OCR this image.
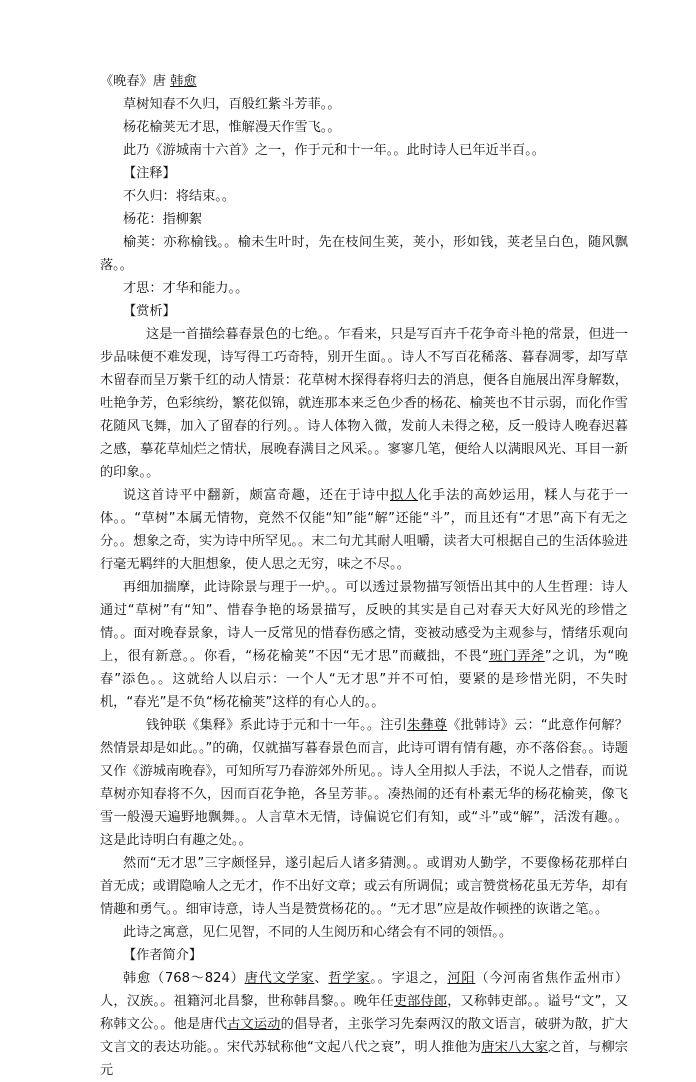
《晚春》唐 韩愈

草树知春不久归，百般红紫斗芳菲。。

杨花榆荚无才思，惟解漫天作雪飞。。

此乃《游城南十六首》之一，作于元和十一年。。此时诗人已年近半百。。

【注释】

不久归：将结束。。

杨花：指柳絮

榆荚：亦称榆钱。。榆未生叶时，先在枝间生荚，荚小，形如钱，荚老呈白色，随风飘落。。

才思：才华和能力。。

【赏析】

这是一首描绘暮春景色的七绝。。乍看来，只是写百卉千花争奇斗艳的常景，但进一步品味便不难发现，诗写得工巧奇特，别开生面。。诗人不写百花稀落、暮春凋零，却写草木留春而呈万紫千红的动人情景：花草树木探得春将归去的消息，便各自施展出浑身解数，吐艳争芳，色彩缤纷，繁花似锦，就连那本来乏色少香的杨花、榆荚也不甘示弱，而化作雪花随风飞舞，加入了留春的行列。。诗人体物入微，发前人未得之秘，反一般诗人晚春迟暮之感，摹花草灿烂之情状，展晚春满目之风采。。寥寥几笔，便给人以满眼风光、耳目一新的印象。。

说这首诗平中翻新，颇富奇趣，还在于诗中拟人化手法的高妙运用，糅人与花于一体。。“草树”本属无情物，竟然不仅能“知”能“解”还能“斗”，而且还有“才思”高下有无之分。。想象之奇，实为诗中所罕见。。末二句尤其耐人咀嚼，读者大可根据自己的生活体验进行毫无羁绊的大胆想象，使人思之无穷，味之不尽。。

再细加揣摩，此诗除景与理于一炉。。可以透过景物描写领悟出其中的人生哲理：诗人通过“草树”有“知”、惜春争艳的场景描写，反映的其实是自己对春天大好风光的珍惜之情。。面对晚春景象，诗人一反常见的惜春伤感之情，变被动感受为主观参与，情绪乐观向上，很有新意。。你看，“杨花榆荚”不因“无才思”而藏拙，不畏“班门弄斧”之讥，为“晚春”添色。。这就给人以启示：一个人“无才思”并不可怕，要紧的是珍惜光阴，不失时机，“春光”是不负“杨花榆荚”这样的有心人的。。

钱钟联《集释》系此诗于元和十一年。。注引朱彝尊《批韩诗》云：“此意作何解？然情景却是如此。。”的确，仅就描写暮春景色而言，此诗可谓有情有趣，亦不落俗套。。诗题又作《游城南晚春》，可知所写乃春游郊外所见。。诗人全用拟人手法，不说人之惜春，而说草树亦知春将不久，因而百花争艳，各呈芳菲。。凑热闹的还有朴素无华的杨花榆荚，像飞雪一般漫天遍野地飘舞。。人言草木无情，诗偏说它们有知，或“斗”或“解”，活泼有趣。。这是此诗明白有趣之处。。

然而“无才思”三字颇怪异，遂引起后人诸多猜测。。或谓劝人勤学，不要像杨花那样白首无成；或谓隐喻人之无才，作不出好文章；或云有所调侃；或言赞赏杨花虽无芳华，却有情趣和勇气。。细审诗意，诗人当是赞赏杨花的。。“无才思”应是故作顿挫的诙谐之笔。。

此诗之寓意，见仁见智，不同的人生阅历和心绪会有不同的领悟。。

【作者简介】

韩愈（768～824）唐代文学家、哲学家。。字退之，河阳（今河南省焦作孟州市）人，汉族。。祖籍河北昌黎，世称韩昌黎。。晚年任吏部侍郎，又称韩吏部。。谥号“文”，又称韩文公。。他是唐代古文运动的倡导者，主张学习先秦两汉的散文语言，破骈为散，扩大文言文的表达功能。。宋代苏轼称他“文起八代之衰”，明人推他为唐宋八大家之首，与柳宗元
